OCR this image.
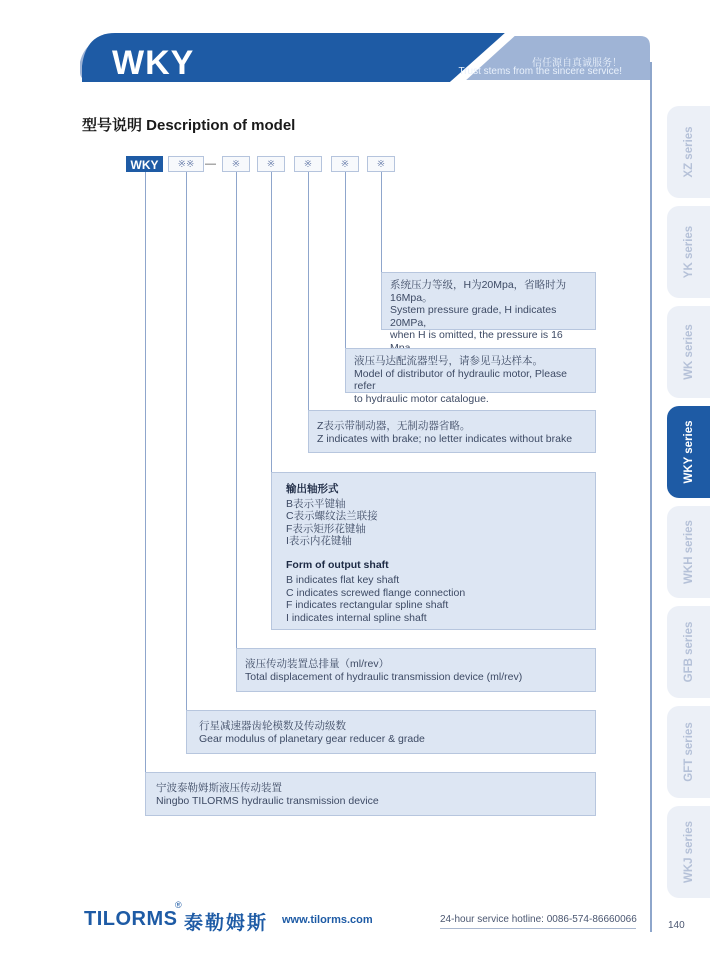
WKY	信任源自真诚服务！
Trust stems from the sincere service!
型号说明 Description of model
WKY	※※ —	※	※	※	※	※
系统压力等级，H为20Mpa，省略时为16Mpa。
System pressure grade, H indicates 20MPa,
when H is omitted, the pressure is 16
液压马达配流器型号，请参见马达样本。
Model of distributor of hydraulic motor, Please refer
to hydraulic motor catalogue.
Z表示带制动器，无制动器省略。
Z indicates with brake; no letter indicates without brake
输出轴形式
B表示平键轴
C表示螺纹法兰联接
F表示矩形花键轴
I表示内花键轴
Form of output shaft
B indicates flat key shaft
C indicates screwed flange connection
F indicates rectangular spline shaft
I indicates internal spline shaft
液压传动装置总排量（ml/rev）
Total displacement of hydraulic transmission device (ml/rev)
行星减速器齿轮模数及传动级数
Gear modulus of planetary gear reducer & grade
宁波泰勒姆斯液压传动装置
Ningbo TILORMS hydraulic transmission device
XZ series
YK series
WK series
WKY series
WKH series
GFB series
GFT series
WKJ series
TILORMS
®
泰勒姆斯 www.tilorms.com	24-hour service hotline: 0086-574-86660066
140
